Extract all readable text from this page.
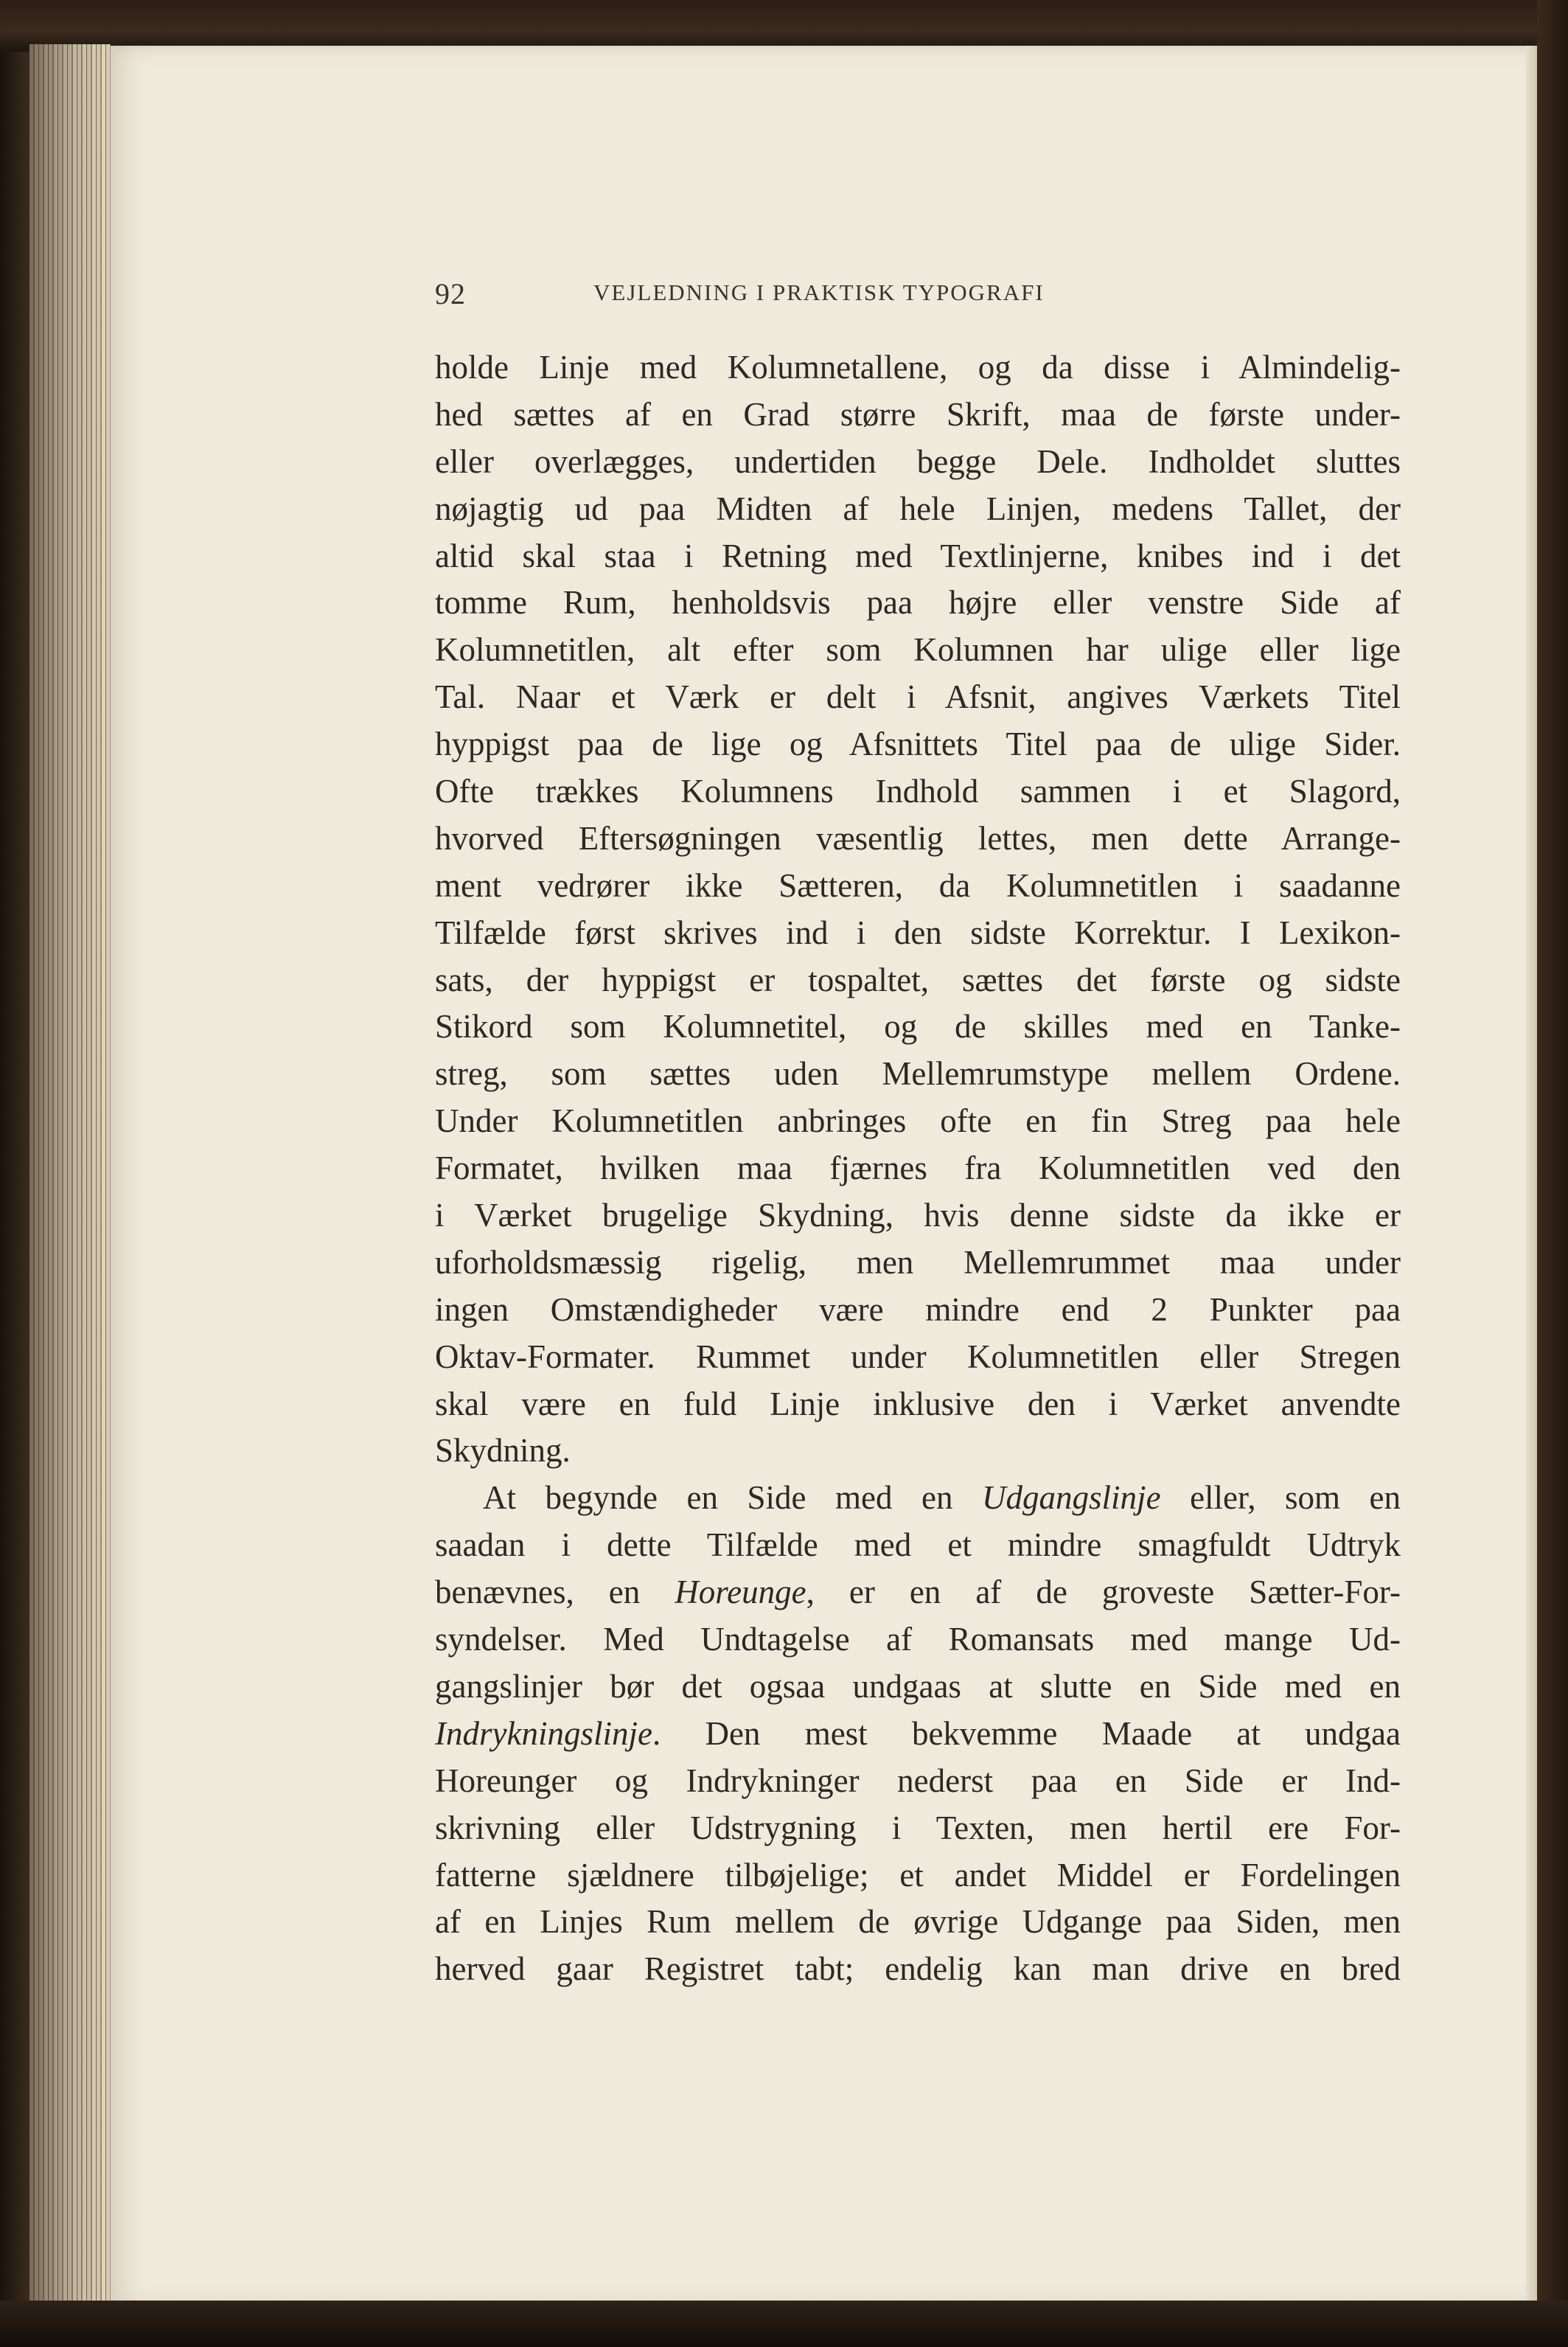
92	VEJLEDNING I PRAKTISK TYPOGRAFI
holde Linje med Kolumnetallene, og da disse i Almindelig-
hed sættes af en Grad større Skrift, maa de første under-
eller overlægges, undertiden begge Dele. Indholdet sluttes
nøjagtig ud paa Midten af hele Linjen, medens Tallet, der
altid skal staa i Retning med Textlinjerne, knibes ind i det
tomme Rum, henholdsvis paa højre eller venstre Side af
Kolumnetitlen, alt efter som Kolumnen har ulige eller lige
Tal. Naar et Værk er delt i Afsnit, angives Værkets Titel
hyppigst paa de lige og Afsnittets Titel paa de ulige Sider.
Ofte trækkes Kolumnens Indhold sammen i et Slagord,
hvorved Eftersøgningen væsentlig lettes, men dette Arrange-
ment vedrører ikke Sætteren, da Kolumnetitlen i saadanne
Tilfælde først skrives ind i den sidste Korrektur. I Lexikon-
sats, der hyppigst er tospaltet, sættes det første og sidste
Stikord som Kolumnetitel, og de skilles med en Tanke-
streg, som sættes uden Mellemrumstype mellem Ordene.
Under Kolumnetitlen anbringes ofte en fin Streg paa hele
Formatet, hvilken maa fjærnes fra Kolumnetitlen ved den
i Værket brugelige Skydning, hvis denne sidste da ikke er
uforholdsmæssig rigelig, men Mellemrummet maa under
ingen Omstændigheder være mindre end 2 Punkter paa
Oktav-Formater. Rummet under Kolumnetitlen eller Stregen
skal være en fuld Linje inklusive den i Værket anvendte
Skydning.
At begynde en Side med en Udgangslinje eller, som en
saadan i dette Tilfælde med et mindre smagfuldt Udtryk
benævnes, en Horeunge, er en af de groveste Sætter-For-
syndelser. Med Undtagelse af Romansats med mange Ud-
gangslinjer bør det ogsaa undgaas at slutte en Side med en
Indrykningslinje. Den mest bekvemme Maade at undgaa
Horeunger og Indrykninger nederst paa en Side er Ind-
skrivning eller Udstrygning i Texten, men hertil ere For-
fatterne sjældnere tilbøjelige; et andet Middel er Fordelingen
af en Linjes Rum mellem de øvrige Udgange paa Siden, men
herved gaar Registret tabt; endelig kan man drive en bred
